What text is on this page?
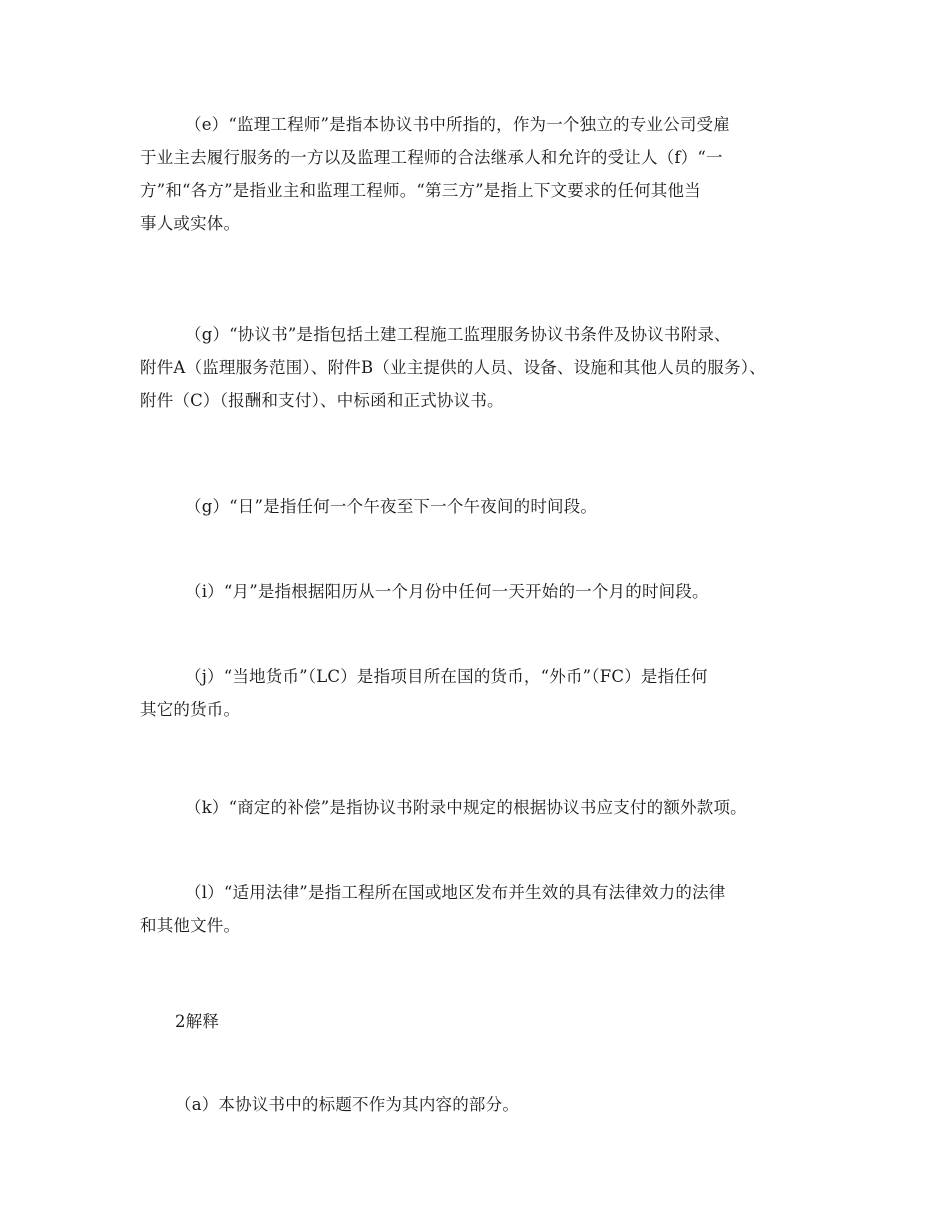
（e）“监理工程师”是指本协议书中所指的，作为一个独立的专业公司受雇
于业主去履行服务的一方以及监理工程师的合法继承人和允许的受让人（f）“一
方”和“各方”是指业主和监理工程师。“第三方”是指上下文要求的任何其他当
事人或实体。

（g）“协议书”是指包括土建工程施工监理服务协议书条件及协议书附录、
附件A（监理服务范围）、附件B（业主提供的人员、设备、设施和其他人员的服务）、
附件（C）（报酬和支付）、中标函和正式协议书。

（g）“日”是指任何一个午夜至下一个午夜间的时间段。

（i）“月”是指根据阳历从一个月份中任何一天开始的一个月的时间段。

（j）“当地货币”（LC）是指项目所在国的货币，“外币”（FC）是指任何
其它的货币。

（k）“商定的补偿”是指协议书附录中规定的根据协议书应支付的额外款项。

（l）“适用法律”是指工程所在国或地区发布并生效的具有法律效力的法律
和其他文件。

2解释

（a）本协议书中的标题不作为其内容的部分。
